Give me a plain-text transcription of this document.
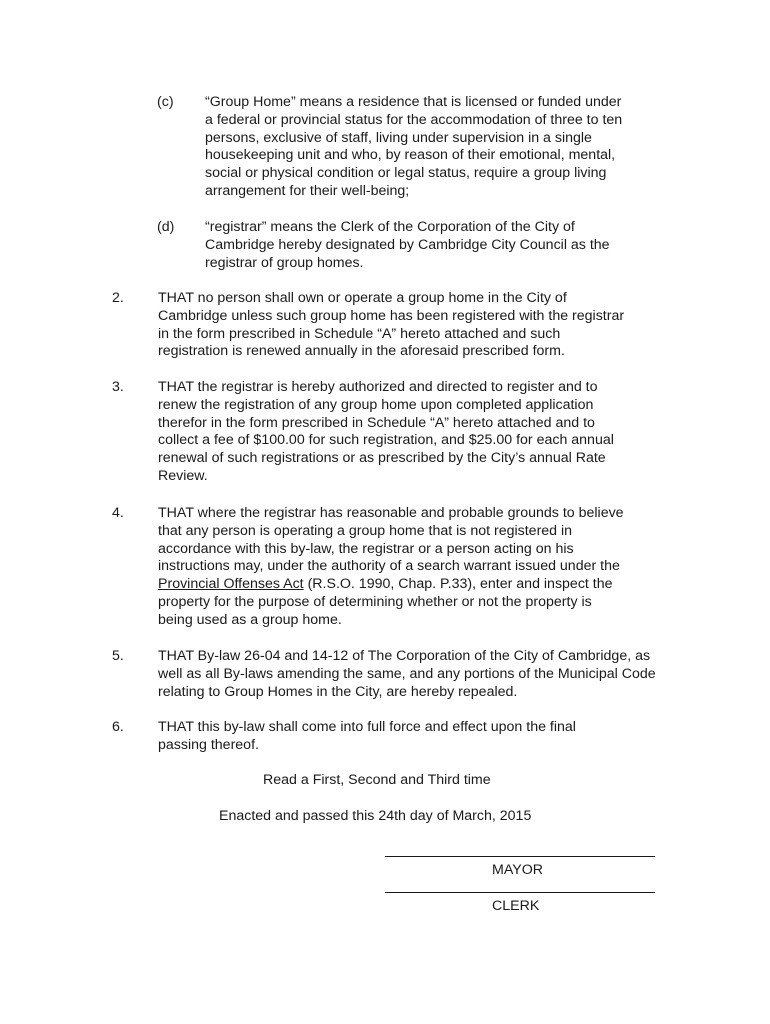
(c) “Group Home” means a residence that is licensed or funded under
a federal or provincial status for the accommodation of three to ten
persons, exclusive of staff, living under supervision in a single
housekeeping unit and who, by reason of their emotional, mental,
social or physical condition or legal status, require a group living
arrangement for their well-being;
(d) “registrar” means the Clerk of the Corporation of the City of
Cambridge hereby designated by Cambridge City Council as the
registrar of group homes.
2. THAT no person shall own or operate a group home in the City of
Cambridge unless such group home has been registered with the registrar
in the form prescribed in Schedule “A” hereto attached and such
registration is renewed annually in the aforesaid prescribed form.
3. THAT the registrar is hereby authorized and directed to register and to
renew the registration of any group home upon completed application
therefor in the form prescribed in Schedule “A” hereto attached and to
collect a fee of $100.00 for such registration, and $25.00 for each annual
renewal of such registrations or as prescribed by the City’s annual Rate
Review.
4. THAT where the registrar has reasonable and probable grounds to believe
that any person is operating a group home that is not registered in
accordance with this by-law, the registrar or a person acting on his
instructions may, under the authority of a search warrant issued under the
Provincial Offenses Act (R.S.O. 1990, Chap. P.33), enter and inspect the
property for the purpose of determining whether or not the property is
being used as a group home.
5. THAT By-law 26-04 and 14-12 of The Corporation of the City of Cambridge, as
well as all By-laws amending the same, and any portions of the Municipal Code
relating to Group Homes in the City, are hereby repealed.
6. THAT this by-law shall come into full force and effect upon the final
passing thereof.
Read a First, Second and Third time
Enacted and passed this 24th day of March, 2015
MAYOR
CLERK
